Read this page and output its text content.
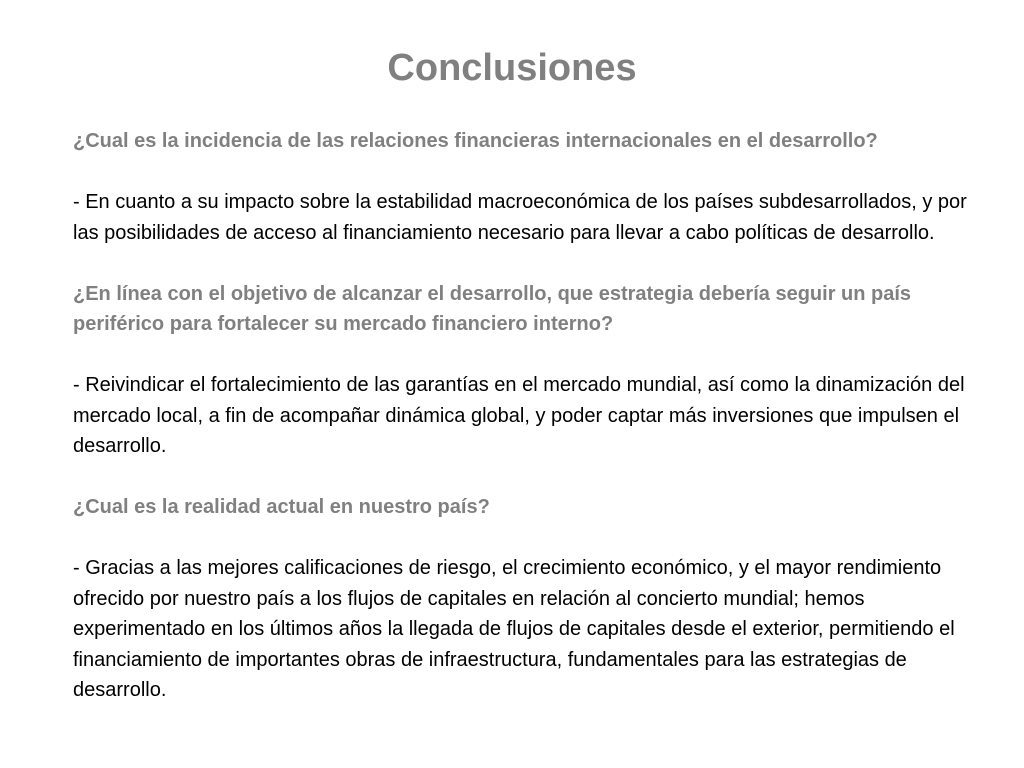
Conclusiones

¿Cual es la incidencia de las relaciones financieras internacionales en el desarrollo?

- En cuanto a su impacto sobre la estabilidad macroeconómica de los países subdesarrollados, y por las posibilidades de acceso al financiamiento necesario para llevar a cabo políticas de desarrollo.

¿En línea con el objetivo de alcanzar el desarrollo, que estrategia debería seguir un país periférico para fortalecer su mercado financiero interno?

- Reivindicar el fortalecimiento de las garantías en el mercado mundial, así como la dinamización del mercado local, a fin de acompañar dinámica global, y poder captar más inversiones que impulsen el desarrollo.

¿Cual es la realidad actual en nuestro país?

- Gracias a las mejores calificaciones de riesgo, el crecimiento económico, y el mayor rendimiento ofrecido por nuestro país a los flujos de capitales en relación al concierto mundial; hemos experimentado en los últimos años la llegada de flujos de capitales desde el exterior, permitiendo el financiamiento de importantes obras de infraestructura, fundamentales para las estrategias de desarrollo.
